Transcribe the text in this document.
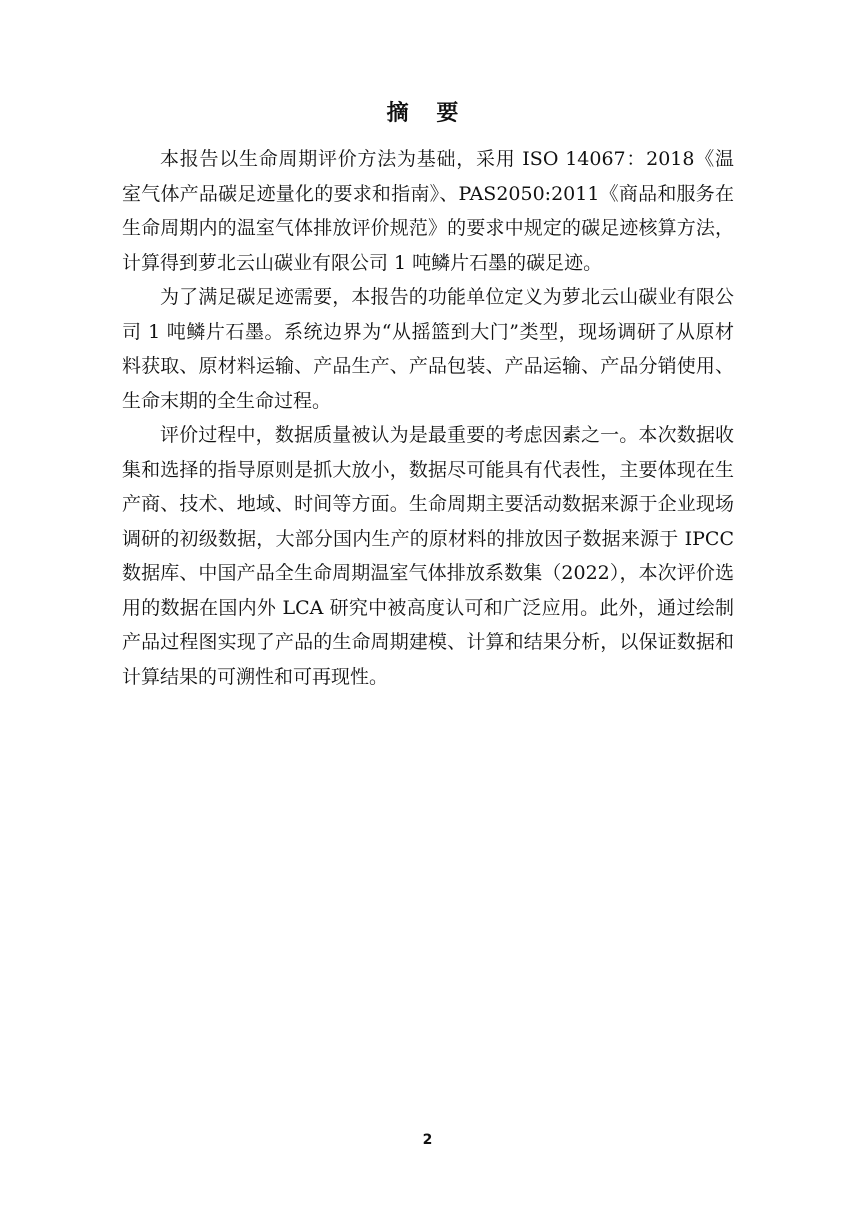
摘 要

本报告以生命周期评价方法为基础，采用 ISO 14067：2018《温室气体产品碳足迹量化的要求和指南》、PAS2050:2011《商品和服务在生命周期内的温室气体排放评价规范》的要求中规定的碳足迹核算方法，计算得到萝北云山碳业有限公司 1 吨鳞片石墨的碳足迹。

为了满足碳足迹需要，本报告的功能单位定义为萝北云山碳业有限公司 1 吨鳞片石墨。系统边界为“从摇篮到大门”类型，现场调研了从原材料获取、原材料运输、产品生产、产品包装、产品运输、产品分销使用、生命末期的全生命过程。

评价过程中，数据质量被认为是最重要的考虑因素之一。本次数据收集和选择的指导原则是抓大放小，数据尽可能具有代表性，主要体现在生产商、技术、地域、时间等方面。生命周期主要活动数据来源于企业现场调研的初级数据，大部分国内生产的原材料的排放因子数据来源于 IPCC 数据库、中国产品全生命周期温室气体排放系数集（2022），本次评价选用的数据在国内外 LCA 研究中被高度认可和广泛应用。此外，通过绘制产品过程图实现了产品的生命周期建模、计算和结果分析，以保证数据和计算结果的可溯性和可再现性。

2
